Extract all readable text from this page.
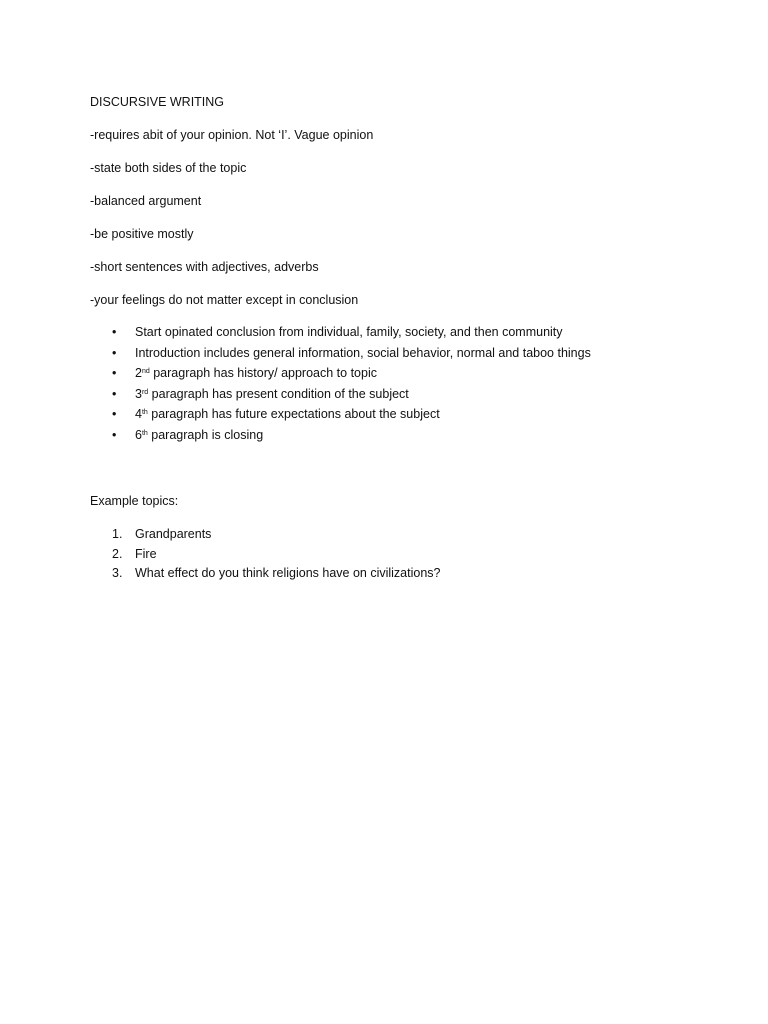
DISCURSIVE WRITING

-requires abit of your opinion. Not ‘I’. Vague opinion

-state both sides of the topic

-balanced argument

-be positive mostly

-short sentences with adjectives, adverbs

-your feelings do not matter except in conclusion

• Start opinated conclusion from individual, family, society, and then community
• Introduction includes general information, social behavior, normal and taboo things
• 2nd paragraph has history/ approach to topic
• 3rd paragraph has present condition of the subject
• 4th paragraph has future expectations about the subject
• 6th paragraph is closing

Example topics:

1. Grandparents
2. Fire
3. What effect do you think religions have on civilizations?
